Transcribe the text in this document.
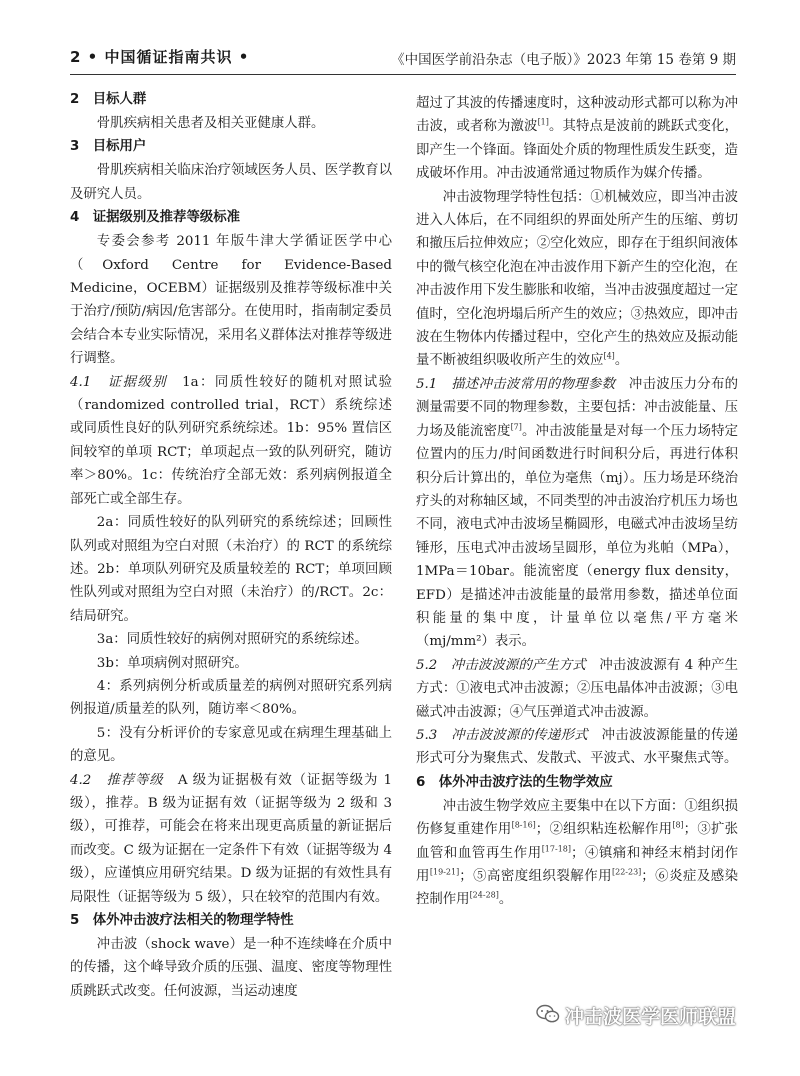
2 • 中国循证指南共识 •	《中国医学前沿杂志（电子版）》2023 年第 15 卷第 9 期
2　目标人群

骨肌疾病相关患者及相关亚健康人群。

3　目标用户

骨肌疾病相关临床治疗领域医务人员、医学教育以及研究人员。

4　证据级别及推荐等级标准

专委会参考 2011 年版牛津大学循证医学中心（Oxford Centre for Evidence-Based Medicine，OCEBM）证据级别及推荐等级标准中关于治疗/预防/病因/危害部分。在使用时，指南制定委员会结合本专业实际情况，采用名义群体法对推荐等级进行调整。

4.1　证据级别　1a：同质性较好的随机对照试验（randomized controlled trial，RCT）系统综述或同质性良好的队列研究系统综述。1b：95% 置信区间较窄的单项 RCT；单项起点一致的队列研究，随访率＞80%。1c：传统治疗全部无效：系列病例报道全部死亡或全部生存。

2a：同质性较好的队列研究的系统综述；回顾性队列或对照组为空白对照（未治疗）的 RCT 的系统综述。2b：单项队列研究及质量较差的 RCT；单项回顾性队列或对照组为空白对照（未治疗）的/RCT。2c：结局研究。

3a：同质性较好的病例对照研究的系统综述。

3b：单项病例对照研究。

4：系列病例分析或质量差的病例对照研究系列病例报道/质量差的队列，随访率＜80%。

5：没有分析评价的专家意见或在病理生理基础上的意见。

4.2　推荐等级　A 级为证据极有效（证据等级为 1 级），推荐。B 级为证据有效（证据等级为 2 级和 3 级），可推荐，可能会在将来出现更高质量的新证据后而改变。C 级为证据在一定条件下有效（证据等级为 4 级），应谨慎应用研究结果。D 级为证据的有效性具有局限性（证据等级为 5 级），只在较窄的范围内有效。

5　体外冲击波疗法相关的物理学特性

冲击波（shock wave）是一种不连续峰在介质中的传播，这个峰导致介质的压强、温度、密度等物理性质跳跃式改变。任何波源，当运动速度

超过了其波的传播速度时，这种波动形式都可以称为冲击波，或者称为激波[1]。其特点是波前的跳跃式变化，即产生一个锋面。锋面处介质的物理性质发生跃变，造成破坏作用。冲击波通常通过物质作为媒介传播。

冲击波物理学特性包括：①机械效应，即当冲击波进入人体后，在不同组织的界面处所产生的压缩、剪切和撤压后拉伸效应；②空化效应，即存在于组织间液体中的微气核空化泡在冲击波作用下新产生的空化泡，在冲击波作用下发生膨胀和收缩，当冲击波强度超过一定值时，空化泡坍塌后所产生的效应；③热效应，即冲击波在生物体内传播过程中，空化产生的热效应及振动能量不断被组织吸收所产生的效应[4]。

5.1　描述冲击波常用的物理参数　冲击波压力分布的测量需要不同的物理参数，主要包括：冲击波能量、压力场及能流密度[7]。冲击波能量是对每一个压力场特定位置内的压力/时间函数进行时间积分后，再进行体积积分后计算出的，单位为毫焦（mj）。压力场是环绕治疗头的对称轴区域，不同类型的冲击波治疗机压力场也不同，液电式冲击波场呈椭圆形，电磁式冲击波场呈纺锤形，压电式冲击波场呈圆形，单位为兆帕（MPa），1MPa＝10bar。能流密度（energy flux density，EFD）是描述冲击波能量的最常用参数，描述单位面积能量的集中度，计量单位以毫焦/平方毫米（mj/mm²）表示。

5.2　冲击波波源的产生方式　冲击波波源有 4 种产生方式：①液电式冲击波源；②压电晶体冲击波源；③电磁式冲击波源；④气压弹道式冲击波源。

5.3　冲击波波源的传递形式　冲击波波源能量的传递形式可分为聚焦式、发散式、平波式、水平聚焦式等。

6　体外冲击波疗法的生物学效应

冲击波生物学效应主要集中在以下方面：①组织损伤修复重建作用[8-16]；②组织粘连松解作用[8]；③扩张血管和血管再生作用[17-18]；④镇痛和神经末梢封闭作用[19-21]；⑤高密度组织裂解作用[22-23]；⑥炎症及感染控制作用[24-28]。

冲击波医学医师联盟
